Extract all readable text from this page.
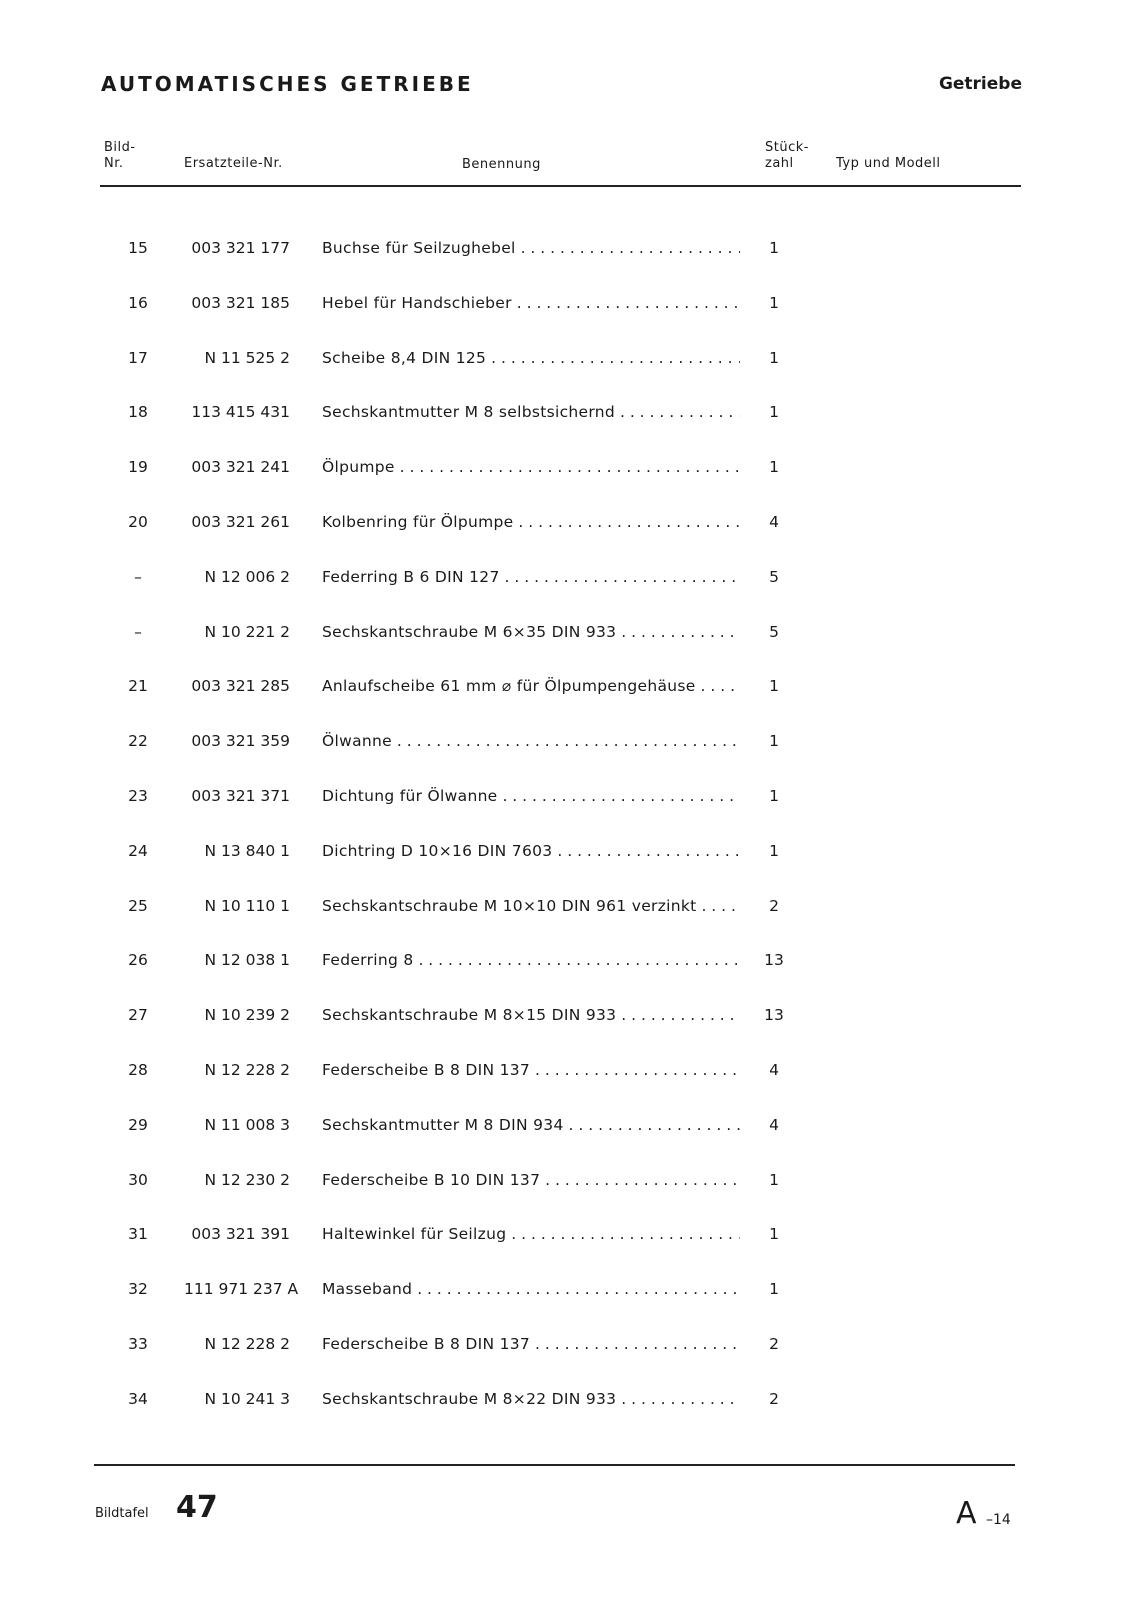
AUTOMATISCHES GETRIEBE	Getriebe
Bild-
Nr.	Ersatzteile-Nr.	Benennung
Stück-
zahl	Typ und Modell
15	003 321 177 Buchse für Seilzughebel . . .	1
16	003 321 185 Hebel für Handschieber . . .	1
17	N 11 525 2 Scheibe 8,4 DIN 125 . . .	1
18	113 415 431 Sechskantmutter M 8 selbstsichernd . . .	1
19	003 321 241 Ölpumpe . . .	1
20	003 321 261 Kolbenring für Ölpumpe . . .	4
–	N 12 006 2 Federring B 6 DIN 127 . . .	5
–	N 10 221 2 Sechskantschraube M 6×35 DIN 933 . . .	5
21	003 321 285 Anlaufscheibe 61 mm ⌀ für Ölpumpengehäuse . . .	1
22	003 321 359 Ölwanne . . .	1
23	003 321 371 Dichtung für Ölwanne . . .	1
24	N 13 840 1 Dichtring D 10×16 DIN 7603 . . .	1
25	N 10 110 1 Sechskantschraube M 10×10 DIN 961 verzinkt . . .	2
26	N 12 038 1 Federring 8 . . .	13
27	N 10 239 2 Sechskantschraube M 8×15 DIN 933 . . .	13
28	N 12 228 2 Federscheibe B 8 DIN 137 . . .	4
29	N 11 008 3 Sechskantmutter M 8 DIN 934 . . .	4
30	N 12 230 2 Federscheibe B 10 DIN 137 . . .	1
31	003 321 391 Haltewinkel für Seilzug . . .	1
32	111 971 237 A Masseband . . .	1
33	N 12 228 2 Federscheibe B 8 DIN 137 . . .	2
34	N 10 241 3 Sechskantschraube M 8×22 DIN 933 . . .	2
Bildtafel 47	A –14
